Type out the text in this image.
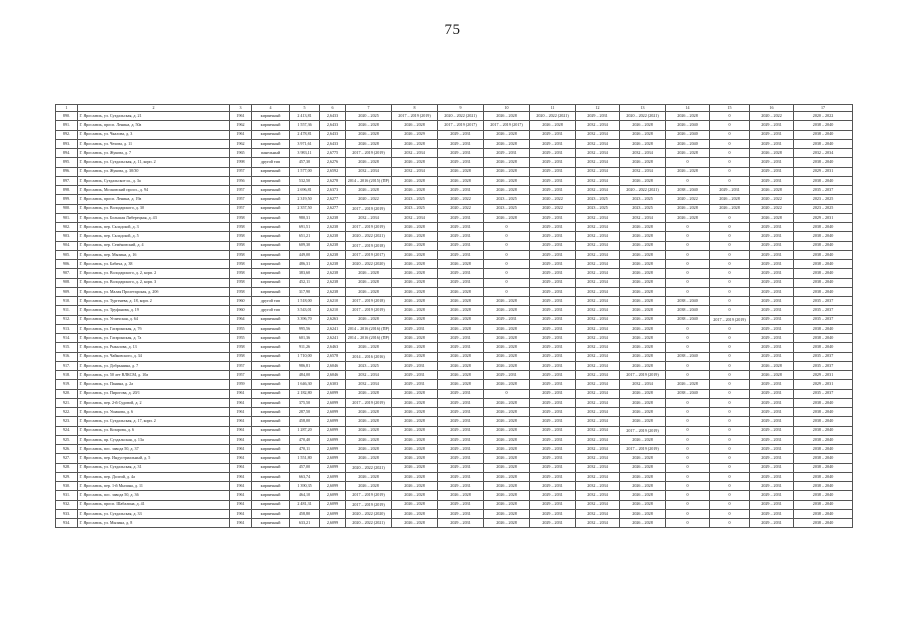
75
1	2	3	4	5	6	7	8	9	10	11	12	13	14	15	16	17
890.	Г. Ярославль, ул. Суздальская, д. 21	1961	кирпичный	2 413,81	2,6433	2020 – 2025	2017 – 2019 (2019)	2020 – 2022 (2021)	2026 – 2028	2020 – 2022 (2021)	2029 – 2031	2020 – 2022 (2021)	2026 – 2028	0	2020 – 2022	2020 – 2022
891.	Г. Ярославль, просп. Ленина, д. 50а	1962	кирпичный	1 557,36	2,6433	2026 – 2028	2026 – 2028	2017 – 2019 (2017)	2017 – 2019 (2017)	2026 – 2028	2032 – 2034	2026 – 2028	2026 – 2040	0	2029 – 2031	2038 – 2040
892.	Г. Ярославль, ул. Чкалова, д. 3	1961	кирпичный	2 478,81	2,6433	2026 – 2028	2026 – 2029	2029 – 2031	2026 – 2028	2029 – 2031	2032 – 2034	2026 – 2028	2026 – 2040	0	2029 – 2031	2038 – 2040
893.	Г. Ярославль, ул. Чехова, д. 11	1962	кирпичный	3 971,61	2,6433	2026 – 2028	2026 – 2028	2029 – 2031	2026 – 2028	2029 – 2031	2032 – 2034	2026 – 2028	2026 – 2040	0	2029 – 2031	2038 – 2040
894.	Г. Ярославль, ул. Жукова, д. 7	1965	панельный	3 983,11	2,6775	2017 – 2019 (2019)	2032 – 2034	2029 – 2031	2029 – 2031	2029 – 2031	2032 – 2034	2032 – 2034	2026 – 2028	0	2026 – 2028	2032 – 2034
895.	Г. Ярославль, ул. Суздальская, д. 11, корп. 2	1998	другой тип	457,30	2,6276	2026 – 2028	2026 – 2028	2029 – 2031	2026 – 2028	2029 – 2031	2032 – 2034	2026 – 2028	0	0	2029 – 2031	2038 – 2040
896.	Г. Ярославль, ул. Жукова, д. 30/30	1957	кирпичный	1 577,00	2,6592	2032 – 2034	2032 – 2034	2026 – 2028	2026 – 2028	2029 – 2031	2032 – 2034	2032 – 2034	2026 – 2028	0	2029 – 2031	2029 – 2031
897.	Г. Ярославль, Суздальское ш., д. 3а	1956	кирпичный	532,50	2,6278	2014 – 2016 (2015) (ПР)	2026 – 2028	2026 – 2028	2026 – 2028	2029 – 2031	2032 – 2034	2026 – 2028	0	0	2029 – 2031	2038 – 2040
898.	Г. Ярославль, Московский просп., д. 94	1957	кирпичный	2 696,81	2,6373	2026 – 2028	2026 – 2028	2029 – 2031	2026 – 2028	2029 – 2031	2032 – 2034	2020 – 2022 (2021)	2038 – 2040	2029 – 2031	2026 – 2028	2035 – 2037
899.	Г. Ярославль, просп. Ленина, д. 19а	1957	кирпичный	2 319,50	2,6277	2020 – 2022	2023 – 2025	2020 – 2022	2023 – 2025	2020 – 2022	2023 – 2025	2023 – 2025	2020 – 2022	2026 – 2028	2020 – 2022	2023 – 2025
900.	Г. Ярославль, ул. Володарского, д. 30	1957	кирпичный	2 357,50	2,6277	2017 – 2019 (2019)	2023 – 2025	2020 – 2022	2023 – 2025	2020 – 2022	2023 – 2025	2023 – 2025	2026 – 2028	2026 – 2028	2020 – 2022	2023 – 2025
901.	Г. Ярославль, ул. Большая Либерецкая, д. 43	1958	кирпичный	980,31	2,6238	2032 – 2034	2032 – 2034	2029 – 2031	2026 – 2028	2029 – 2031	2032 – 2034	2032 – 2034	2026 – 2028	0	2026 – 2028	2029 – 2031
902.	Г. Ярославль, пер. Складской, д. 3	1958	кирпичный	691,51	2,6238	2017 – 2019 (2019)	2026 – 2028	2029 – 2031	0	2029 – 2031	2032 – 2034	2026 – 2028	0	0	2029 – 2031	2038 – 2040
903.	Г. Ярославль, пер. Складской, д. 5	1958	кирпичный	651,21	2,6238	2020 – 2022 (2021)	2026 – 2028	2029 – 2031	0	2029 – 2031	2032 – 2034	2026 – 2028	0	0	2029 – 2031	2038 – 2040
904.	Г. Ярославль, пер. Семёновский, д. 4	1958	кирпичный	609,30	2,6238	2017 – 2019 (2018)	2026 – 2028	2029 – 2031	0	2029 – 2031	2032 – 2034	2026 – 2028	0	0	2029 – 2031	2038 – 2040
905.	Г. Ярославль, пер. Мызина, д. 16	1958	кирпичный	449,00	2,6238	2017 – 2019 (2017)	2026 – 2028	2029 – 2031	0	2029 – 2031	2032 – 2034	2026 – 2028	0	0	2029 – 2031	2038 – 2040
906.	Г. Ярославль, ул. Бабича, д. 38	1958	кирпичный	486,31	2,6238	2020 – 2022 (2020)	2026 – 2028	2026 – 2028	0	2029 – 2031	2032 – 2034	2026 – 2028	0	0	2029 – 2031	2038 – 2040
907.	Г. Ярославль, ул. Володарского, д. 2, корп. 2	1958	кирпичный	383,60	2,6238	2026 – 2028	2026 – 2028	2029 – 2031	0	2029 – 2031	2032 – 2034	2026 – 2028	0	0	2029 – 2031	2038 – 2040
908.	Г. Ярославль, ул. Володарского, д. 2, корп. 3	1958	кирпичный	452,11	2,6238	2026 – 2028	2026 – 2028	2029 – 2031	0	2029 – 2031	2032 – 2034	2026 – 2028	0	0	2029 – 2031	2038 – 2040
909.	Г. Ярославль, ул. Малая Пролетарская, д. 20б	1958	кирпичный	317,90	2,6238	2026 – 2028	2026 – 2028	2026 – 2028	0	2029 – 2031	2032 – 2034	2026 – 2028	0	0	2029 – 2031	2038 – 2040
910.	Г. Ярославль, ул. Тургенева, д. 18, корп. 2	1960	другой тип	1 518,00	2,6210	2017 – 2019 (2018)	2026 – 2028	2026 – 2028	2026 – 2028	2029 – 2031	2032 – 2034	2026 – 2028	2038 – 2040	0	2029 – 2031	2035 – 2037
911.	Г. Ярославль, ул. Труфанова, д. 19	1960	другой тип	3 543,01	2,6210	2017 – 2019 (2019)	2026 – 2028	2026 – 2028	2026 – 2028	2029 – 2031	2032 – 2034	2026 – 2028	2038 – 2040	0	2029 – 2031	2035 – 2037
912.	Г. Ярославль, ул. Угличская, д. 64	1964	кирпичный	3 396,70	2,6263	2026 – 2028	2026 – 2028	2026 – 2028	2029 – 2031	2029 – 2031	2032 – 2034	2026 – 2028	2038 – 2040	2017 – 2019 (2019)	2029 – 2031	2035 – 2037
913.	Г. Ярославль, ул. Гагаринская, д. 7б	1955	кирпичный	995,56	2,6241	2014 – 2016 (2016) (ПР)	2029 – 2031	2026 – 2028	2026 – 2028	2029 – 2031	2032 – 2034	2026 – 2028	0	0	2029 – 2031	2038 – 2040
914.	Г. Ярославль, ул. Гагаринская, д. 7а	1955	кирпичный	601,36	2,6241	2014 – 2016 (2016) (ПР)	2026 – 2028	2029 – 2031	2026 – 2028	2029 – 2031	2032 – 2034	2026 – 2028	0	0	2029 – 2031	2038 – 2040
915.	Г. Ярославль, ул. Рыкалова, д. 13	1958	кирпичный	911,26	2,6463	2026 – 2028	2026 – 2028	2029 – 2031	2026 – 2028	2029 – 2031	2032 – 2034	2026 – 2028	0	0	2029 – 2031	2038 – 2040
916.	Г. Ярославль, ул. Чайковского, д. 34	1958	кирпичный	1 710,00	2,6578	2014 – 2016 (2016)	2026 – 2028	2026 – 2028	2026 – 2028	2029 – 2031	2032 – 2034	2026 – 2028	2038 – 2040	0	2029 – 2031	2035 – 2037
917.	Г. Ярославль, ул. Добрынина, д. 7	1957	кирпичный	986,81	2,6046	2023 – 2025	2029 – 2031	2026 – 2028	2026 – 2028	2029 – 2031	2032 – 2034	2026 – 2028	0	0	2026 – 2028	2035 – 2037
918.	Г. Ярославль, ул. 50 лет ВЛКСМ, д. 10а	1957	кирпичный	484,00	2,6046	2032 – 2034	2029 – 2031	2026 – 2028	2029 – 2031	2029 – 2031	2032 – 2034	2017 – 2019 (2019)	0	0	2026 – 2028	2029 – 2031
919.	Г. Ярославль, ул. Панина, д. 2а	1959	кирпичный	1 646,30	2,6303	2032 – 2034	2029 – 2031	2026 – 2028	2026 – 2028	2029 – 2031	2032 – 2034	2032 – 2034	2026 – 2028	0	2029 – 2031	2029 – 2031
920.	Г. Ярославль, ул. Пирогова, д. 20/1	1961	кирпичный	2 182,80	2,6099	2026 – 2028	2026 – 2028	2029 – 2031	0	2029 – 2031	2032 – 2034	2026 – 2028	2038 – 2040	0	2029 – 2031	2035 – 2037
921.	Г. Ярославль, пер. 2-й Судовой, д. 2	1961	кирпичный	375,50	2,6099	2017 – 2019 (2019)	2026 – 2028	2029 – 2031	2026 – 2028	2029 – 2031	2032 – 2034	2026 – 2028	0	0	2029 – 2031	2038 – 2040
922.	Г. Ярославль, ул. Ушакова, д. 6	1961	кирпичный	287,50	2,6099	2026 – 2028	2026 – 2028	2029 – 2031	2026 – 2028	2029 – 2031	2032 – 2034	2026 – 2028	0	0	2029 – 2031	2038 – 2040
923.	Г. Ярославль, ул. Суздальская, д. 17, корп. 2	1961	кирпичный	458,00	2,6099	2026 – 2028	2026 – 2028	2029 – 2031	2026 – 2028	2029 – 2031	2032 – 2034	2026 – 2028	0	0	2029 – 2031	2038 – 2040
924.	Г. Ярославль, ул. Козарова, д. 6	1961	кирпичный	1 287,20	2,6099	2026 – 2028	2026 – 2028	2029 – 2031	2026 – 2028	2029 – 2031	2032 – 2034	2017 – 2019 (2019)	0	0	2029 – 2031	2038 – 2040
925.	Г. Ярославль, пр. Суздальская, д. 13а	1961	кирпичный	470,40	2,6099	2026 – 2028	2026 – 2028	2029 – 2031	2026 – 2028	2029 – 2031	2032 – 2034	2026 – 2028	0	0	2029 – 2031	2038 – 2040
926.	Г. Ярославль, пос. завода 50, д. 37	1961	кирпичный	470,11	2,6099	2026 – 2028	2026 – 2028	2029 – 2031	2026 – 2028	2029 – 2031	2032 – 2034	2017 – 2019 (2019)	0	0	2029 – 2031	2038 – 2040
927.	Г. Ярославль, пер. Индустриальный, д. 5	1961	кирпичный	1 551,80	2,6099	2026 – 2028	2026 – 2028	2029 – 2031	2026 – 2028	2029 – 2031	2032 – 2034	2026 – 2028	0	0	2029 – 2031	2038 – 2040
928.	Г. Ярославль, ул. Суздальская, д. 31	1961	кирпичный	457,00	2,6099	2020 – 2022 (2021)	2026 – 2028	2029 – 2031	2026 – 2028	2029 – 2031	2032 – 2034	2026 – 2028	0	0	2029 – 2031	2038 – 2040
929.	Г. Ярославль, пер. Долгий, д. 4а	1961	кирпичный	663,74	2,6099	2026 – 2028	2026 – 2028	2029 – 2031	2026 – 2028	2029 – 2031	2032 – 2034	2026 – 2028	0	0	2029 – 2031	2038 – 2040
930.	Г. Ярославль, пер. 1-й Мызина, д. 11	1961	кирпичный	1 390,35	2,6099	2026 – 2028	2026 – 2028	2029 – 2031	2026 – 2028	2029 – 2031	2032 – 2034	2026 – 2028	0	0	2029 – 2031	2038 – 2040
931.	Г. Ярославль, пос. завода 50, д. 36	1961	кирпичный	464,10	2,6099	2017 – 2019 (2019)	2026 – 2028	2026 – 2028	2026 – 2028	2029 – 2031	2032 – 2034	2026 – 2028	0	0	2029 – 2031	2038 – 2040
932.	Г. Ярославль, просп. Шабалина, д. 41	1961	кирпичный	2 481,31	2,6099	2017 – 2019 (2019)	2026 – 2028	2029 – 2031	2026 – 2028	2029 – 2031	2032 – 2034	2026 – 2028	0	0	2029 – 2031	2038 – 2040
933.	Г. Ярославль, ул. Суздальская, д. 33	1961	кирпичный	458,80	2,6099	2020 – 2022 (2020)	2026 – 2028	2029 – 2031	2026 – 2028	2029 – 2031	2032 – 2034	2026 – 2028	0	0	2029 – 2031	2038 – 2040
934.	Г. Ярославль, ул. Мызина, д. 8	1961	кирпичный	633,21	2,6099	2020 – 2022 (2021)	2026 – 2028	2029 – 2031	2026 – 2028	2029 – 2031	2032 – 2034	2026 – 2028	0	0	2029 – 2031	2038 – 2040
